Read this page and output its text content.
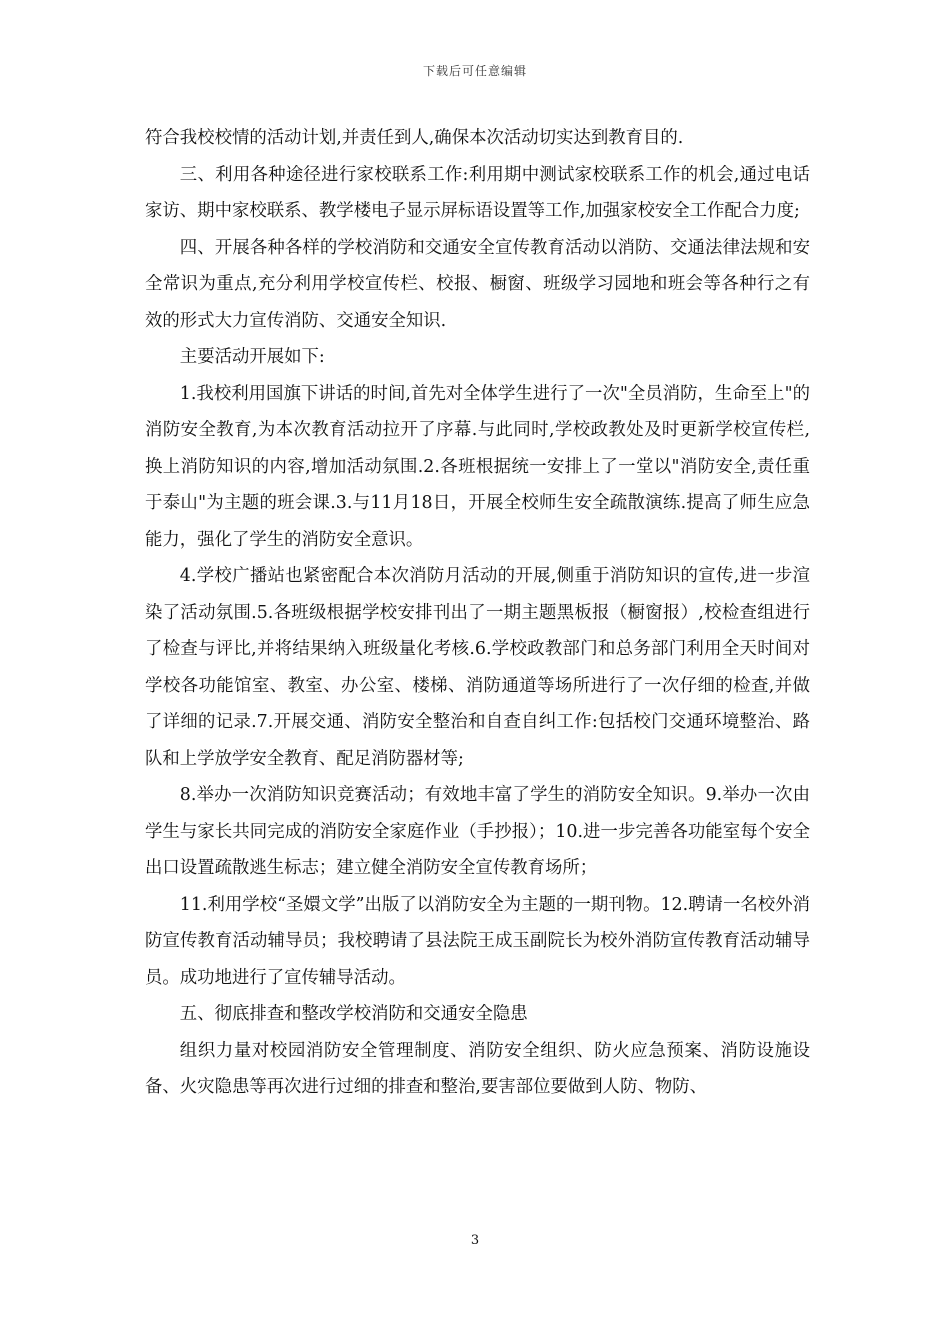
下载后可任意编辑

符合我校校情的活动计划,并责任到人,确保本次活动切实达到教育目的.

三、利用各种途径进行家校联系工作:利用期中测试家校联系工作的机会,通过电话家访、期中家校联系、教学楼电子显示屏标语设置等工作,加强家校安全工作配合力度;

四、开展各种各样的学校消防和交通安全宣传教育活动以消防、交通法律法规和安全常识为重点,充分利用学校宣传栏、校报、橱窗、班级学习园地和班会等各种行之有效的形式大力宣传消防、交通安全知识.

主要活动开展如下:

1.我校利用国旗下讲话的时间,首先对全体学生进行了一次"全员消防，生命至上"的消防安全教育,为本次教育活动拉开了序幕.与此同时,学校政教处及时更新学校宣传栏,换上消防知识的内容,增加活动氛围.2.各班根据统一安排上了一堂以"消防安全,责任重于泰山"为主题的班会课.3.与11月18日，开展全校师生安全疏散演练.提高了师生应急能力，强化了学生的消防安全意识。

4.学校广播站也紧密配合本次消防月活动的开展,侧重于消防知识的宣传,进一步渲染了活动氛围.5.各班级根据学校安排刊出了一期主题黑板报（橱窗报）,校检查组进行了检查与评比,并将结果纳入班级量化考核.6.学校政教部门和总务部门利用全天时间对学校各功能馆室、教室、办公室、楼梯、消防通道等场所进行了一次仔细的检查,并做了详细的记录.7.开展交通、消防安全整治和自查自纠工作:包括校门交通环境整治、路队和上学放学安全教育、配足消防器材等;

8.举办一次消防知识竞赛活动；有效地丰富了学生的消防安全知识。9.举办一次由学生与家长共同完成的消防安全家庭作业（手抄报）；10.进一步完善各功能室每个安全出口设置疏散逃生标志；建立健全消防安全宣传教育场所；

11.利用学校“圣嬛文学”出版了以消防安全为主题的一期刊物。12.聘请一名校外消防宣传教育活动辅导员；我校聘请了县法院王成玉副院长为校外消防宣传教育活动辅导员。成功地进行了宣传辅导活动。

五、彻底排查和整改学校消防和交通安全隐患

组织力量对校园消防安全管理制度、消防安全组织、防火应急预案、消防设施设备、火灾隐患等再次进行过细的排查和整治,要害部位要做到人防、物防、

3
